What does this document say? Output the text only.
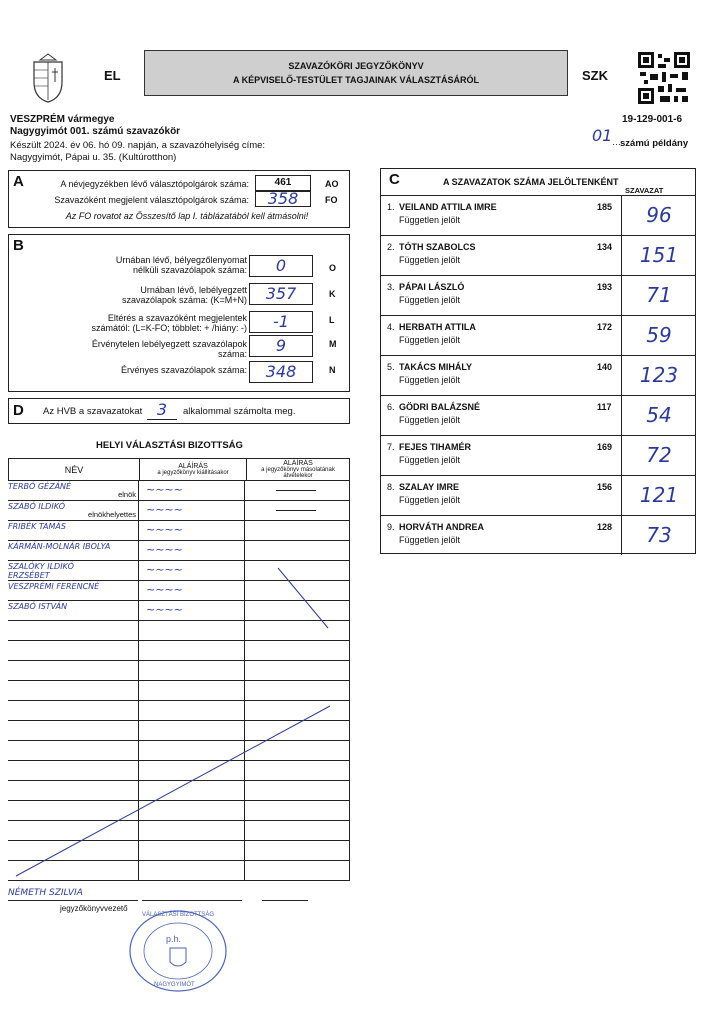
EL
SZAVAZÓKÖRI JEGYZŐKÖNYV
A KÉPVISELŐ-TESTÜLET TAGJAINAK VÁLASZTÁSÁRÓL	SZK
VESZPRÉM vármegye
Nagygyimót 001. számú szavazókör
Készült 2024. év 06. hó 09. napján, a szavazóhelyiség címe:
Nagygyimót, Pápai u. 35. (Kultúrotthon)
19-129-001-6
01 … számú példány
A	A névjegyzékben lévő választópolgárok száma:	461	AO
Szavazóként megjelent választópolgárok száma:	358	FO
Az FO rovatot az Összesítő lap I. táblázatából kell átmásolni!
B
Urnában lévő, bélyegzőlenyomat nélküli szavazólapok száma:	0
Urnában lévő, lebélyegzett szavazólapok száma: (K=M+N)	357
Eltérés a szavazóként megjelentek számától: (L=K-FO; többlet: + /hiány: -)	-1
Érvénytelen lebélyegzett szavazólapok száma:	9
Érvényes szavazólapok száma:	348
O
K
L
M
N
D Az HVB a szavazatokat 3	alkalommal számolta meg.
C	A SZAVAZATOK SZÁMA JELÖLTENKÉNT
SZAVAZAT
1. VEILAND ATTILA IMRE
Független jelölt
185	96
2. TÓTH SZABOLCS
Független jelölt
134	151
3. PÁPAI LÁSZLÓ
Független jelölt
193	71
4. HERBATH ATTILA
Független jelölt
172	59
5. TAKÁCS MIHÁLY
Független jelölt
140	123
6. GÖDRI BALÁZSNÉ
Független jelölt
117	54
7. FEJES TIHAMÉR
Független jelölt
169	72
8. SZALAY IMRE
Független jelölt
156	121
9. HORVÁTH ANDREA
Független jelölt
128	73
HELYI VÁLASZTÁSI BIZOTTSÁG
NÉV	ALÁÍRÁS
a jegyzőkönyv kiállításakor

ALÁÍRÁS
a jegyzőkönyv másolatának átvételekor
TERBÓ GÉZÁNÉ
elnök ~~~~
SZABÓ ILDIKÓ
elnökhelyettes ~~~~
FRIBÉK TAMÁS	~~~~
KÁRMÁN-MOLNÁR IBOLYA	~~~~
SZALÓKY ILDIKÓ ERZSÉBET	~~~~
VESZPRÉMI FERENCNÉ	~~~~
SZABÓ ISTVÁN	~~~~
NÉMETH SZILVIA
jegyzőkönyvvezető
p.h.
VÁLASZTÁSI BIZOTTSÁG
NAGYGYIMÓT
